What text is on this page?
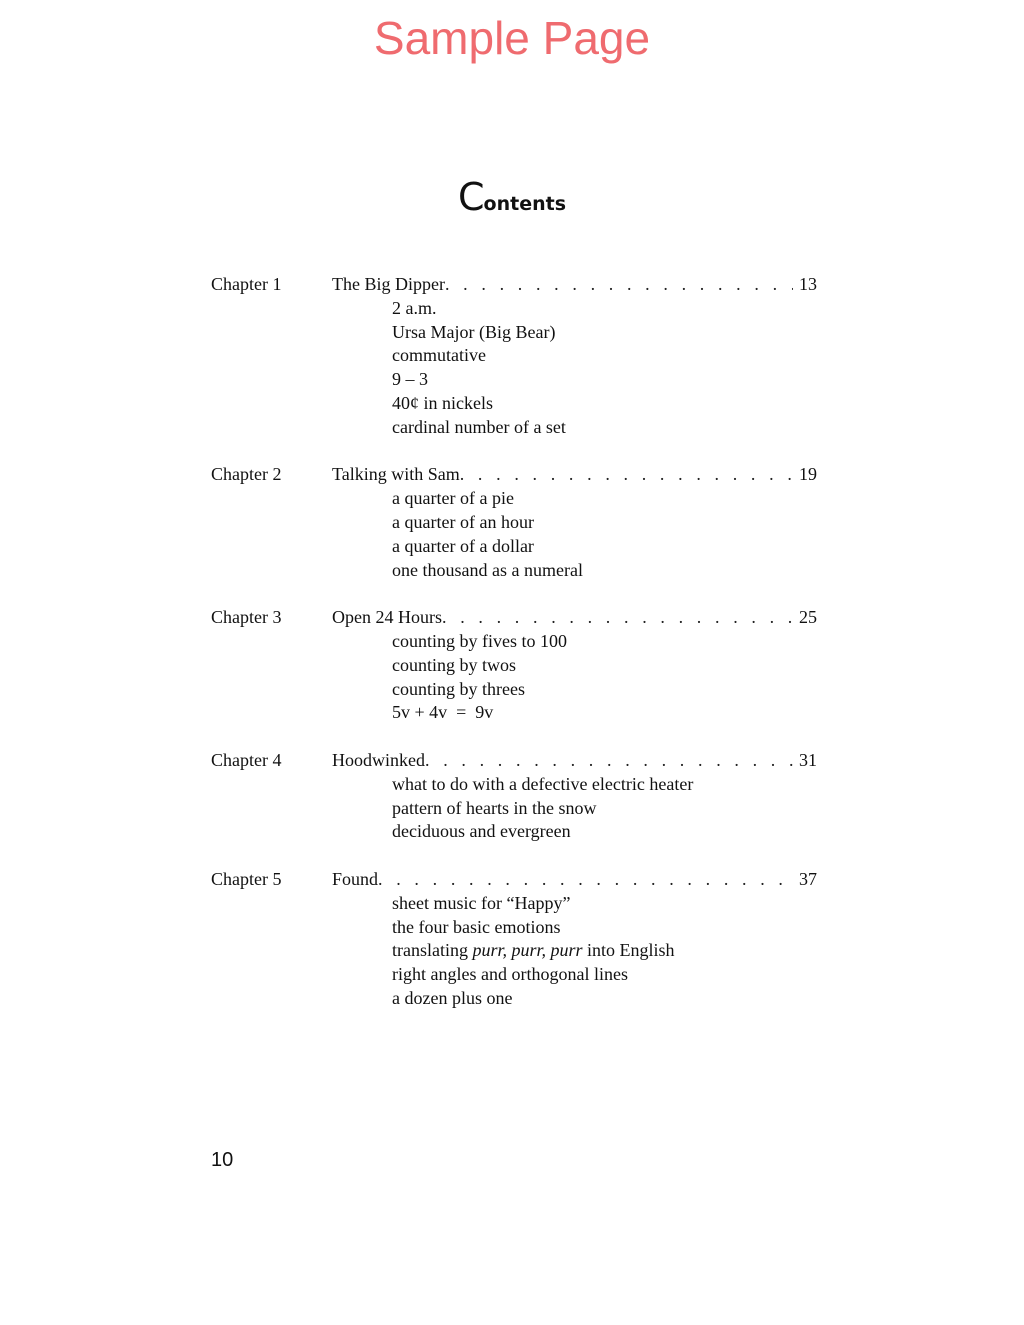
Sample Page
Contents
Chapter 1	The Big Dipper . . .	13
2 a.m.
Ursa Major (Big Bear)
commutative
9 – 3
40¢ in nickels
cardinal number of a set
Chapter 2	Talking with Sam . . .	19
a quarter of a pie
a quarter of an hour
a quarter of a dollar
one thousand as a numeral
Chapter 3	Open 24 Hours . . .	25
counting by fives to 100
counting by twos
counting by threes
5v + 4v  =  9v
Chapter 4	Hoodwinked . . .	31
what to do with a defective electric heater
pattern of hearts in the snow
deciduous and evergreen
Chapter 5	Found . . .	37
sheet music for “Happy”
the four basic emotions
translating purr, purr, purr into English
right angles and orthogonal lines
a dozen plus one
10
